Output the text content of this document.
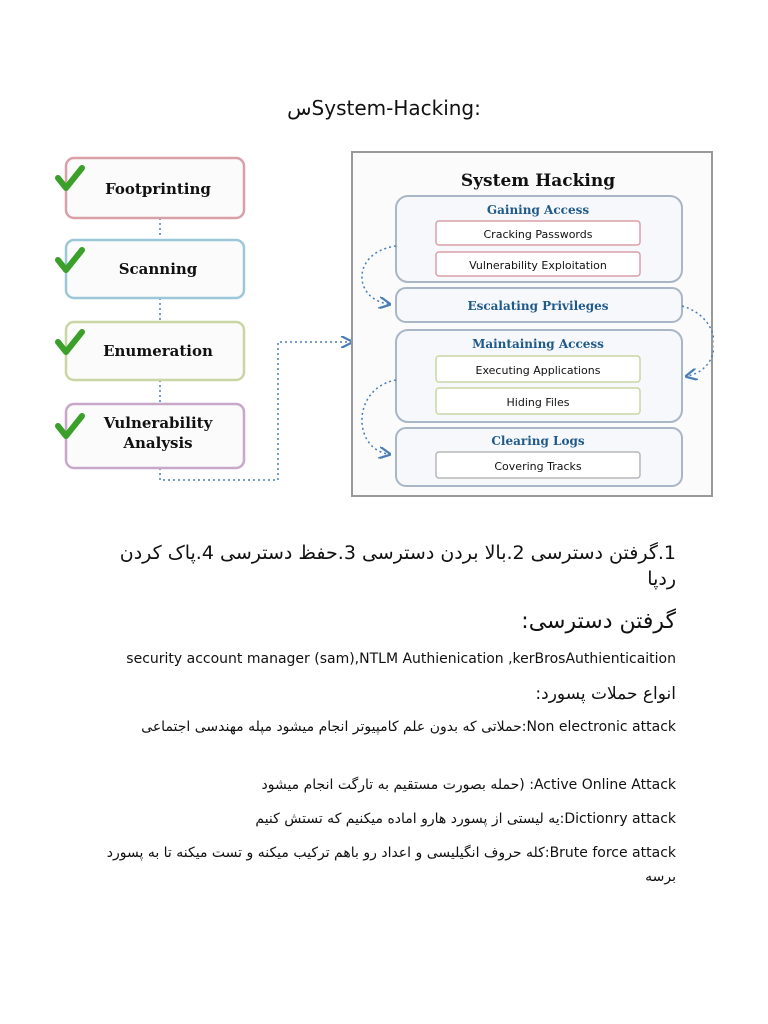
سSystem-Hacking:
Footprinting
Scanning
Enumeration
Vulnerability
Analysis
System Hacking
Gaining Access
Cracking Passwords
Vulnerability Exploitation
Escalating Privileges
Maintaining Access
Executing Applications
Hiding Files
Clearing Logs
Covering Tracks
1.گرفتن دسترسی 2.بالا بردن دسترسی 3.حفظ دسترسی 4.پاک کردن ردپا
گرفتن دسترسی:
security account manager (sam),NTLM Authienication ,kerBrosAuthienticaition
انواع حملات پسورد:
Non electronic attack:حملاتی که بدون علم کامپیوتر انجام میشود مپله مهندسی اجتماعی
Active Online Attack: (حمله بصورت مستقیم به تارگت انجام میشود
Dictionry attack:یه لیستی از پسورد هارو اماده میکنیم که تستش کنیم
Brute force attack:کله حروف انگیلیسی و اعداد رو باهم ترکیب میکنه و تست میکنه تا به پسورد برسه
